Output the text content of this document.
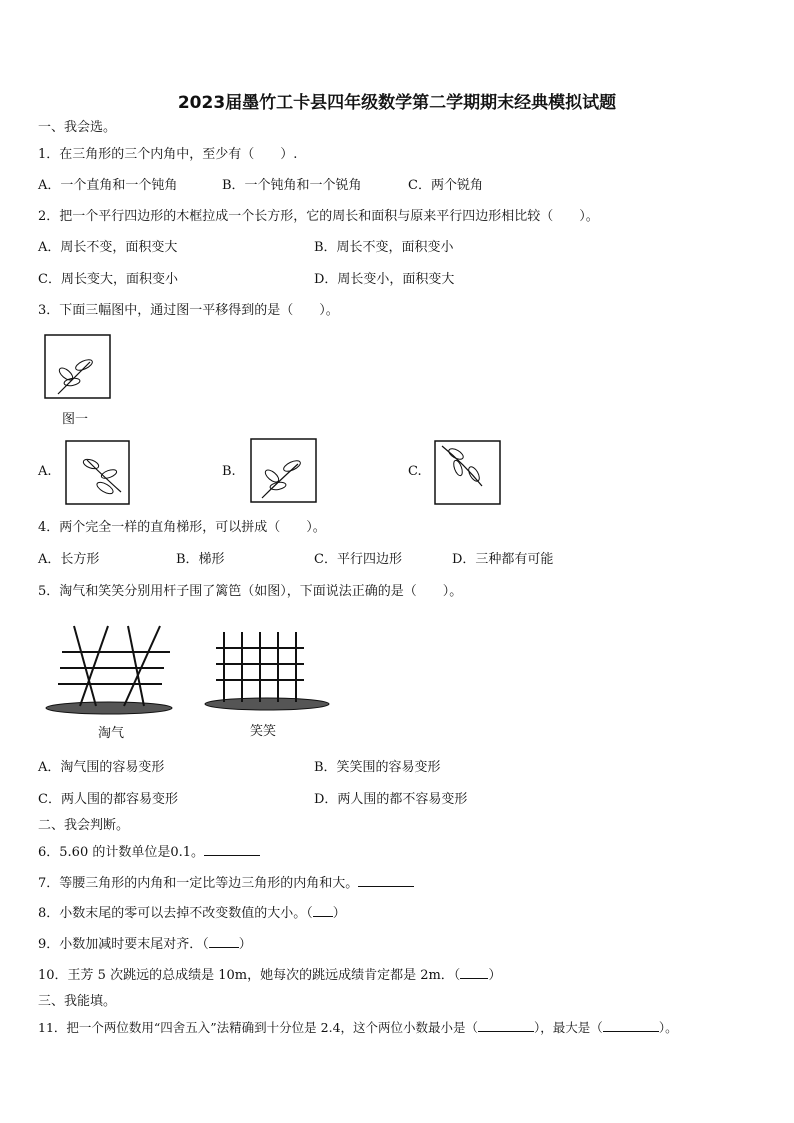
2023届墨竹工卡县四年级数学第二学期期末经典模拟试题
一、我会选。
1．在三角形的三个内角中，至少有（　　）.
A．一个直角和一个钝角	B．一个钝角和一个锐角	C．两个锐角
2．把一个平行四边形的木框拉成一个长方形，它的周长和面积与原来平行四边形相比较（　　）。
A．周长不变，面积变大	B．周长不变，面积变小
C．周长变大，面积变小	D．周长变小，面积变大
3．下面三幅图中，通过图一平移得到的是（　　）。
图一
A.	B.	C.
4．两个完全一样的直角梯形，可以拼成（　　）。
A．长方形	B．梯形	C．平行四边形	D．三种都有可能
5．淘气和笑笑分别用杆子围了篱笆（如图），下面说法正确的是（　　）。
淘气	笑笑
A．淘气围的容易变形	B．笑笑围的容易变形
C．两人围的都容易变形	D．两人围的都不容易变形
二、我会判断。
6．5.60 的计数单位是0.1。
7．等腰三角形的内角和一定比等边三角形的内角和大。
8．小数末尾的零可以去掉不改变数值的大小。（ ）
9．小数加减时要末尾对齐．（ ）
10．王芳 5 次跳远的总成绩是 10m，她每次的跳远成绩肯定都是 2m．（ ）
三、我能填。
11．把一个两位数用“四舍五入”法精确到十分位是 2.4，这个两位小数最小是（	），最大是（	）。
